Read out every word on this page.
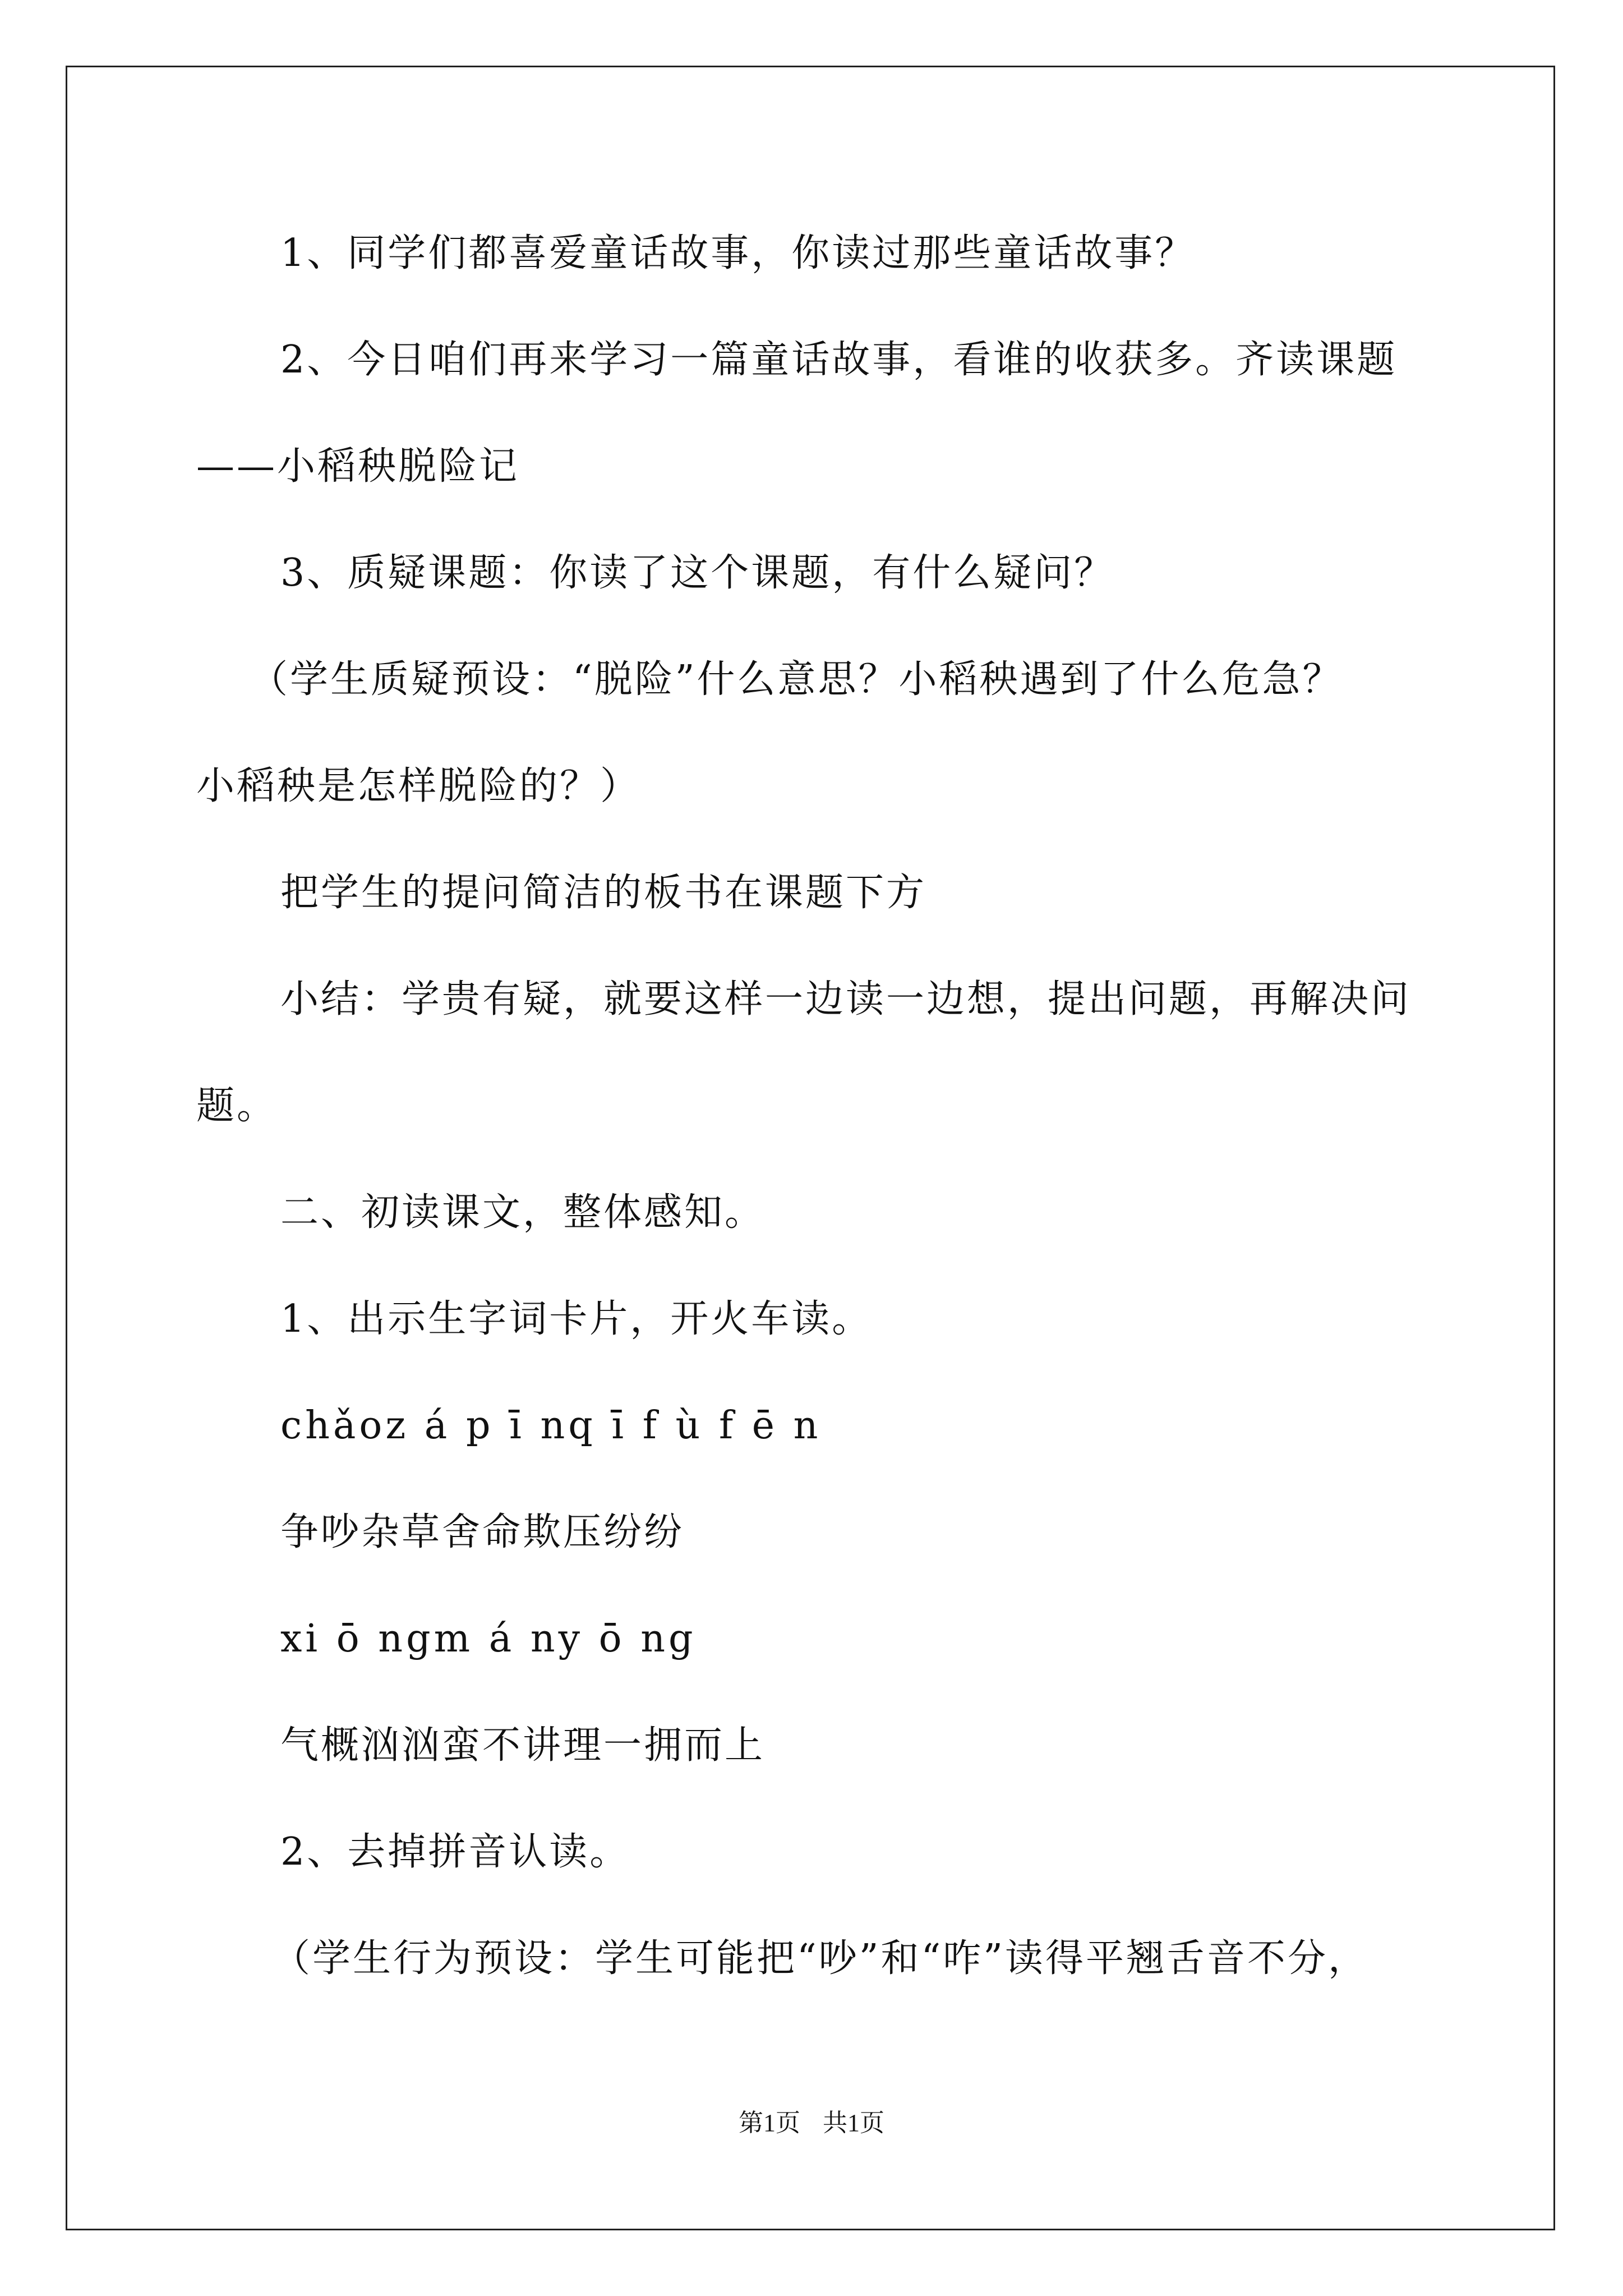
1、同学们都喜爱童话故事，你读过那些童话故事？
2、今日咱们再来学习一篇童话故事，看谁的收获多。齐读课题
——小稻秧脱险记
3、质疑课题：你读了这个课题，有什么疑问？
（学生质疑预设：“脱险”什么意思？小稻秧遇到了什么危急？
小稻秧是怎样脱险的？）
把学生的提问简洁的板书在课题下方
小结：学贵有疑，就要这样一边读一边想，提出问题，再解决问
题。
二、初读课文，整体感知。
1、出示生字词卡片，开火车读。
chǎoz á p ī nq ī f ù f ē n
争吵杂草舍命欺压纷纷
xi ō ngm á ny ō ng
气概汹汹蛮不讲理一拥而上
2、去掉拼音认读。
（学生行为预设：学生可能把“吵”和“咋”读得平翘舌音不分，
第1页 共1页
